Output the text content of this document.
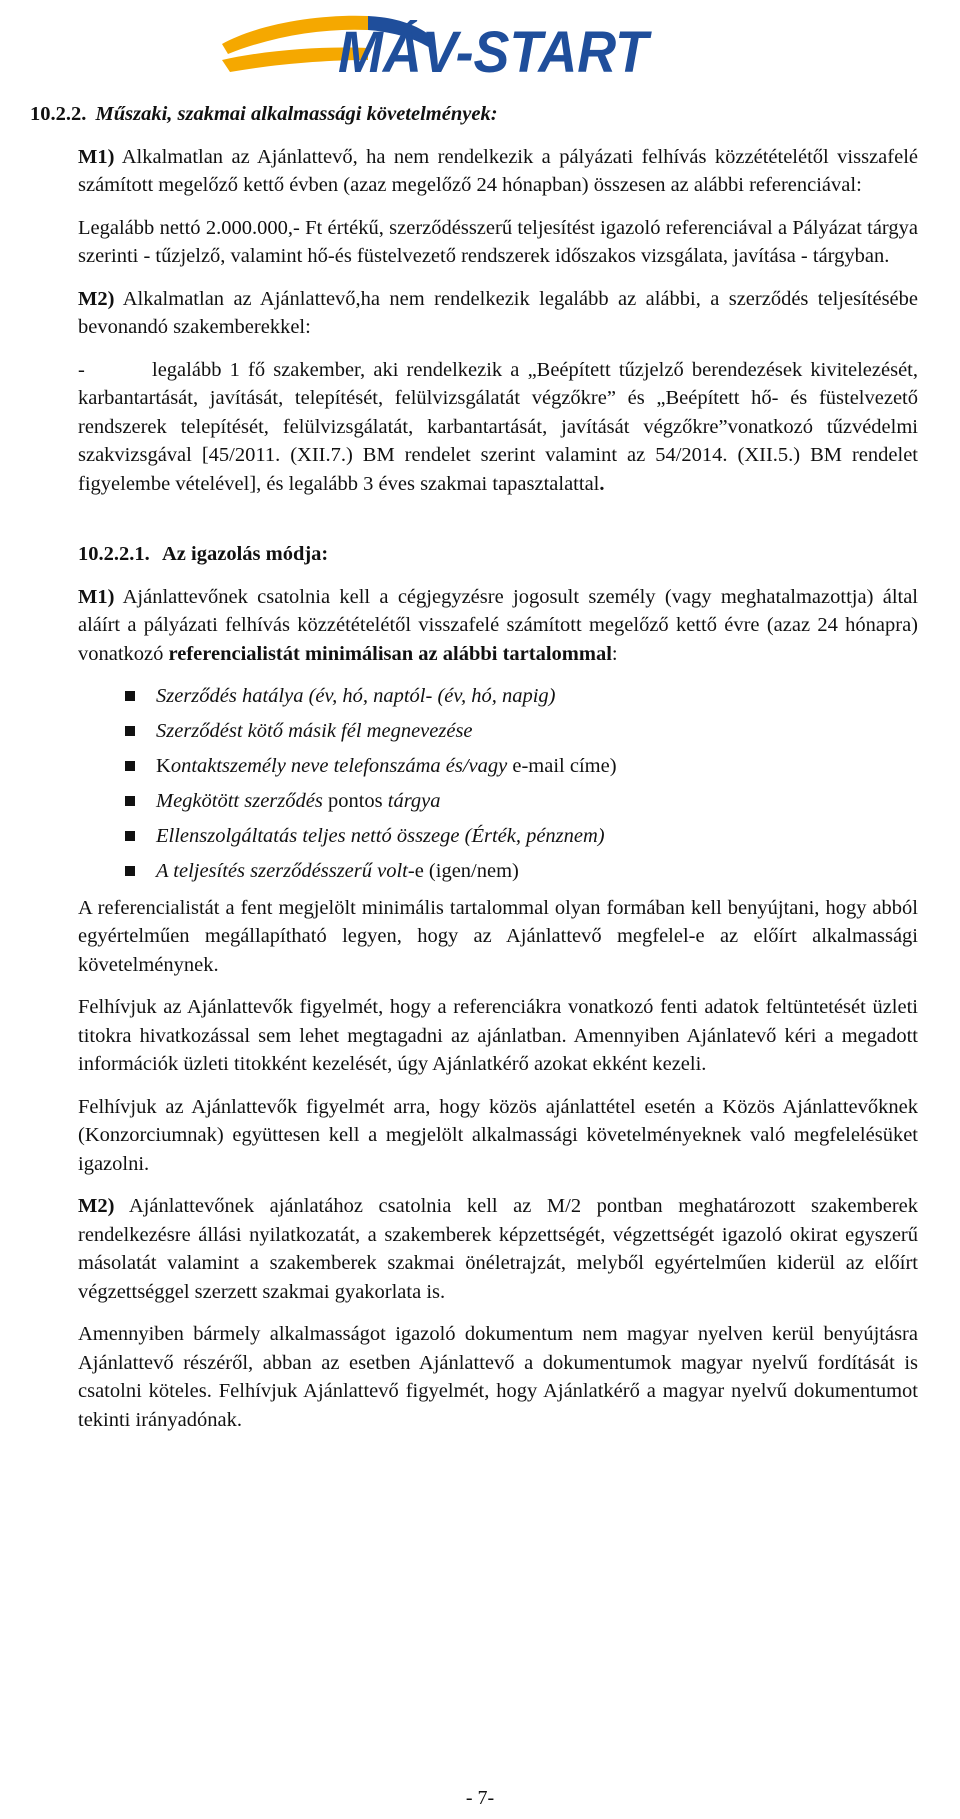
MÁV-START
10.2.2. Műszaki, szakmai alkalmassági követelmények:

M1) Alkalmatlan az Ajánlattevő, ha nem rendelkezik a pályázati felhívás közzétételétől visszafelé számított megelőző kettő évben (azaz megelőző 24 hónapban) összesen az alábbi referenciával:

Legalább nettó 2.000.000,- Ft értékű, szerződésszerű teljesítést igazoló referenciával a Pályázat tárgya szerinti - tűzjelző, valamint hő-és füstelvezető rendszerek időszakos vizsgálata, javítása - tárgyban.

M2) Alkalmatlan az Ajánlattevő,ha nem rendelkezik legalább az alábbi, a szerződés teljesítésébe bevonandó szakemberekkel:

-	legalább 1 fő szakember, aki rendelkezik a „Beépített tűzjelző berendezések kivitelezését, karbantartását, javítását, telepítését, felülvizsgálatát végzőkre” és „Beépített hő- és füstelvezető rendszerek telepítését, felülvizsgálatát, karbantartását, javítását végzőkre”vonatkozó tűzvédelmi szakvizsgával [45/2011. (XII.7.) BM rendelet szerint valamint az 54/2014. (XII.5.) BM rendelet figyelembe vételével], és legalább 3 éves szakmai tapasztalattal.

10.2.2.1. Az igazolás módja:

M1) Ajánlattevőnek csatolnia kell a cégjegyzésre jogosult személy (vagy meghatalmazottja) által aláírt a pályázati felhívás közzétételétől visszafelé számított megelőző kettő évre (azaz 24 hónapra) vonatkozó referencialistát minimálisan az alábbi tartalommal:

Szerződés hatálya (év, hó, naptól- (év, hó, napig)
Szerződést kötő másik fél megnevezése
Kontaktszemély neve telefonszáma és/vagy e-mail címe)
Megkötött szerződés pontos tárgya
Ellenszolgáltatás teljes nettó összege (Érték, pénznem)
A teljesítés szerződésszerű volt-e (igen/nem)

A referencialistát a fent megjelölt minimális tartalommal olyan formában kell benyújtani, hogy abból egyértelműen megállapítható legyen, hogy az Ajánlattevő megfelel-e az előírt alkalmassági követelménynek.

Felhívjuk az Ajánlattevők figyelmét, hogy a referenciákra vonatkozó fenti adatok feltüntetését üzleti titokra hivatkozással sem lehet megtagadni az ajánlatban. Amennyiben Ajánlatevő kéri a megadott információk üzleti titokként kezelését, úgy Ajánlatkérő azokat ekként kezeli.

Felhívjuk az Ajánlattevők figyelmét arra, hogy közös ajánlattétel esetén a Közös Ajánlattevőknek (Konzorciumnak) együttesen kell a megjelölt alkalmassági követelményeknek való megfelelésüket igazolni.

M2) Ajánlattevőnek ajánlatához csatolnia kell az M/2 pontban meghatározott szakemberek rendelkezésre állási nyilatkozatát, a szakemberek képzettségét, végzettségét igazoló okirat egyszerű másolatát valamint a szakemberek szakmai önéletrajzát, melyből egyértelműen kiderül az előírt végzettséggel szerzett szakmai gyakorlata is.

Amennyiben bármely alkalmasságot igazoló dokumentum nem magyar nyelven kerül benyújtásra Ajánlattevő részéről, abban az esetben Ajánlattevő a dokumentumok magyar nyelvű fordítását is csatolni köteles. Felhívjuk Ajánlattevő figyelmét, hogy Ajánlatkérő a magyar nyelvű dokumentumot tekinti irányadónak.

- 7-
